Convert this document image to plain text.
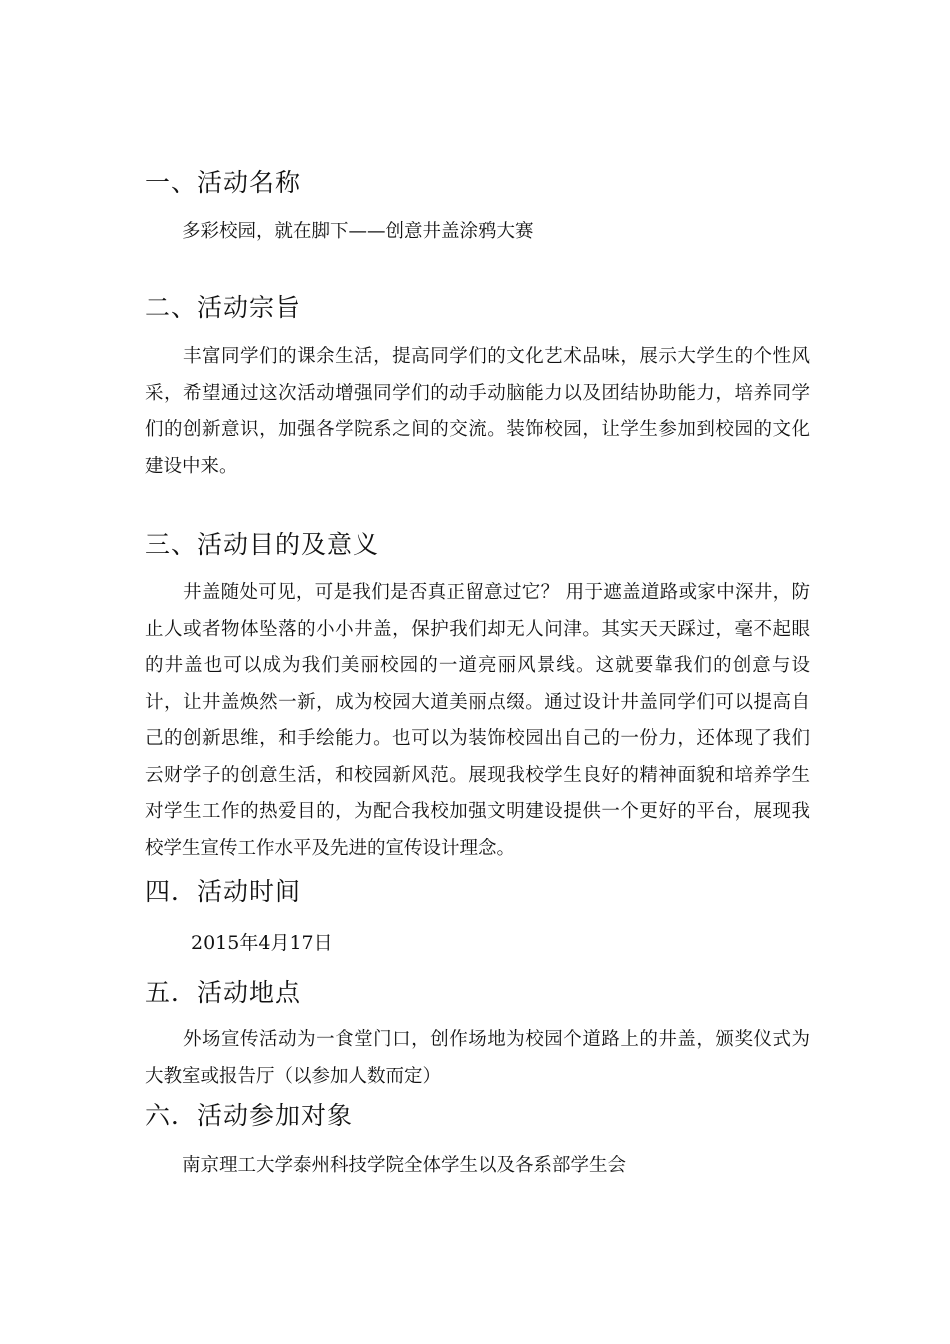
一、活动名称
多彩校园，就在脚下——创意井盖涂鸦大赛
二、活动宗旨

丰富同学们的课余生活，提高同学们的文化艺术品味，展示大学生的个性风采，希望通过这次活动增强同学们的动手动脑能力以及团结协助能力，培养同学们的创新意识，加强各学院系之间的交流。装饰校园，让学生参加到校园的文化建设中来。

三、活动目的及意义

井盖随处可见，可是我们是否真正留意过它？ 用于遮盖道路或家中深井，防止人或者物体坠落的小小井盖，保护我们却无人问津。其实天天踩过，毫不起眼的井盖也可以成为我们美丽校园的一道亮丽风景线。这就要靠我们的创意与设计，让井盖焕然一新，成为校园大道美丽点缀。通过设计井盖同学们可以提高自己的创新思维，和手绘能力。也可以为装饰校园出自己的一份力，还体现了我们云财学子的创意生活，和校园新风范。展现我校学生良好的精神面貌和培养学生对学生工作的热爱目的，为配合我校加强文明建设提供一个更好的平台，展现我校学生宣传工作水平及先进的宣传设计理念。

四．活动时间
2015年4月17日
五．活动地点

外场宣传活动为一食堂门口，创作场地为校园个道路上的井盖，颁奖仪式为大教室或报告厅（以参加人数而定）

六．活动参加对象
南京理工大学泰州科技学院全体学生以及各系部学生会
